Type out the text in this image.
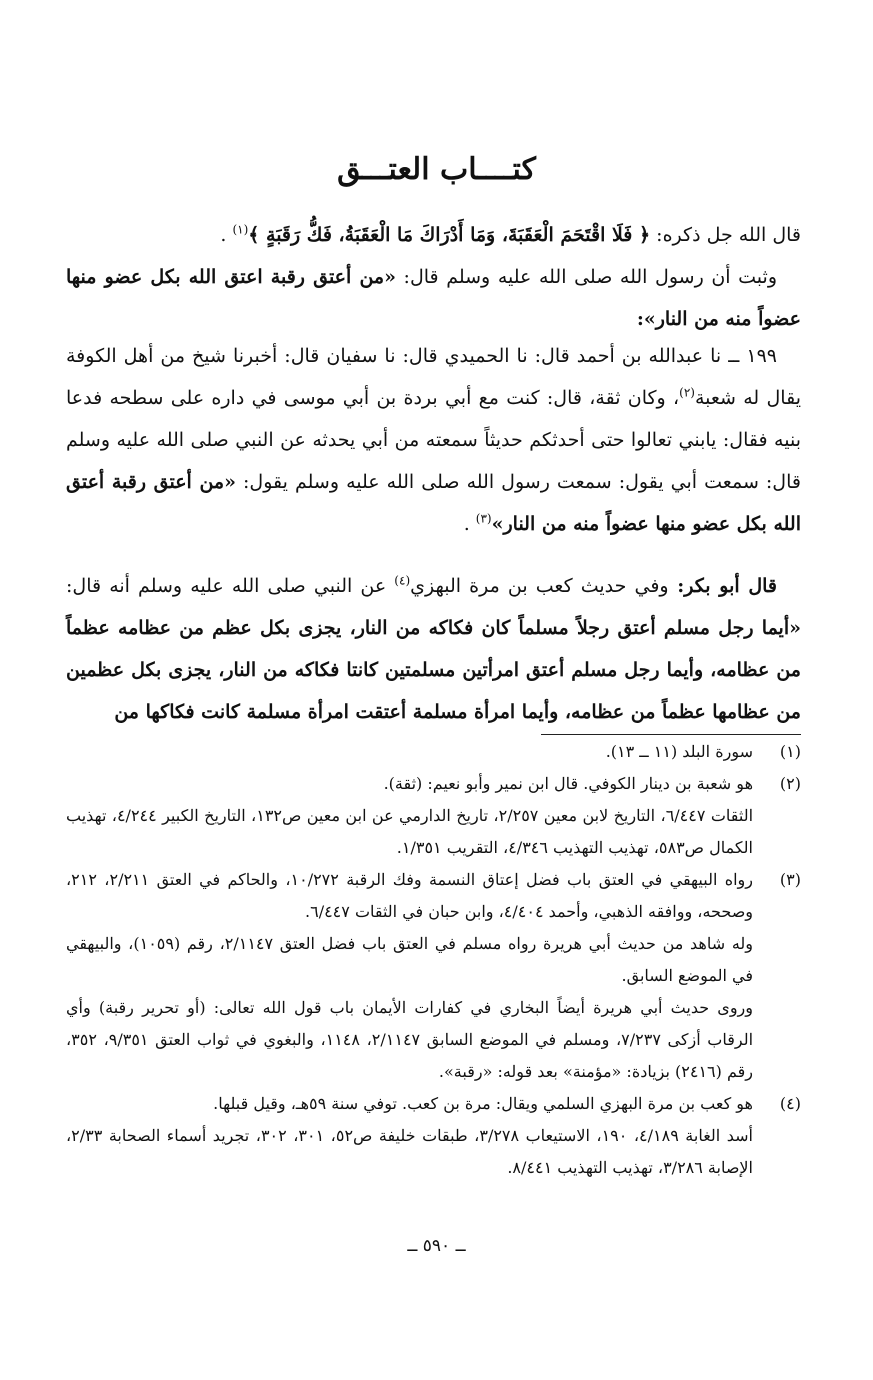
كتــــاب العتـــق

قال الله جل ذكره: ﴿ فَلَا اقْتَحَمَ الْعَقَبَةَ، وَمَا أَدْرَاكَ مَا الْعَقَبَةُ، فَكُّ رَقَبَةٍ ﴾$^{(١)}$ .

وثبت أن رسول الله صلى الله عليه وسلم قال: «من أعتق رقبة اعتق الله بكل عضو منها عضواً منه من النار»:

١٩٩ ــ نا عبدالله بن أحمد قال: نا الحميدي قال: نا سفيان قال: أخبرنا شيخ من أهل الكوفة يقال له شعبة$^{(٢)}$، وكان ثقة، قال: كنت مع أبي بردة بن أبي موسى في داره على سطحه فدعا بنيه فقال: يابني تعالوا حتى أحدثكم حديثاً سمعته من أبي يحدثه عن النبي صلى الله عليه وسلم قال: سمعت أبي يقول: سمعت رسول الله صلى الله عليه وسلم يقول: «من أعتق رقبة أعتق الله بكل عضو منها عضواً منه من النار»$^{(٣)}$ .

قال أبو بكر: وفي حديث كعب بن مرة البهزي$^{(٤)}$ عن النبي صلى الله عليه وسلم أنه قال: «أيما رجل مسلم أعتق رجلاً مسلماً كان فكاكه من النار، يجزى بكل عظم من عظامه عظماً من عظامه، وأيما رجل مسلم أعتق امرأتين مسلمتين كانتا فكاكه من النار، يجزى بكل عظمين من عظامها عظماً من عظامه، وأيما امرأة مسلمة أعتقت امرأة مسلمة كانت فكاكها من

(١)

سورة البلد (١١ ــ ١٣).

(٢)

هو شعبة بن دينار الكوفي. قال ابن نمير وأبو نعيم: (ثقة).

الثقات ٦/٤٤٧، التاريخ لابن معين ٢/٢٥٧، تاريخ الدارمي عن ابن معين ص١٣٢، التاريخ الكبير ٤/٢٤٤، تهذيب الكمال ص٥٨٣، تهذيب التهذيب ٤/٣٤٦، التقريب ١/٣٥١.

(٣)

رواه البيهقي في العتق باب فضل إعتاق النسمة وفك الرقبة ١٠/٢٧٢، والحاكم في العتق ٢/٢١١، ٢١٢، وصححه، ووافقه الذهبي، وأحمد ٤/٤٠٤، وابن حبان في الثقات ٦/٤٤٧.

وله شاهد من حديث أبي هريرة رواه مسلم في العتق باب فضل العتق ٢/١١٤٧، رقم (١٠٥٩)، والبيهقي في الموضع السابق.

وروى حديث أبي هريرة أيضاً البخاري في كفارات الأيمان باب قول الله تعالى: (أو تحرير رقبة) وأي الرقاب أزكى ٧/٢٣٧، ومسلم في الموضع السابق ٢/١١٤٧، ١١٤٨، والبغوي في ثواب العتق ٩/٣٥١، ٣٥٢، رقم (٢٤١٦) بزيادة: «مؤمنة» بعد قوله: «رقبة».

(٤)

هو كعب بن مرة البهزي السلمي ويقال: مرة بن كعب. توفي سنة ٥٩هـ، وقيل قبلها.

أسد الغابة ٤/١٨٩، ١٩٠، الاستيعاب ٣/٢٧٨، طبقات خليفة ص٥٢، ٣٠١، ٣٠٢، تجريد أسماء الصحابة ٢/٣٣، الإصابة ٣/٢٨٦، تهذيب التهذيب ٨/٤٤١.

ــ ٥٩٠ ــ
